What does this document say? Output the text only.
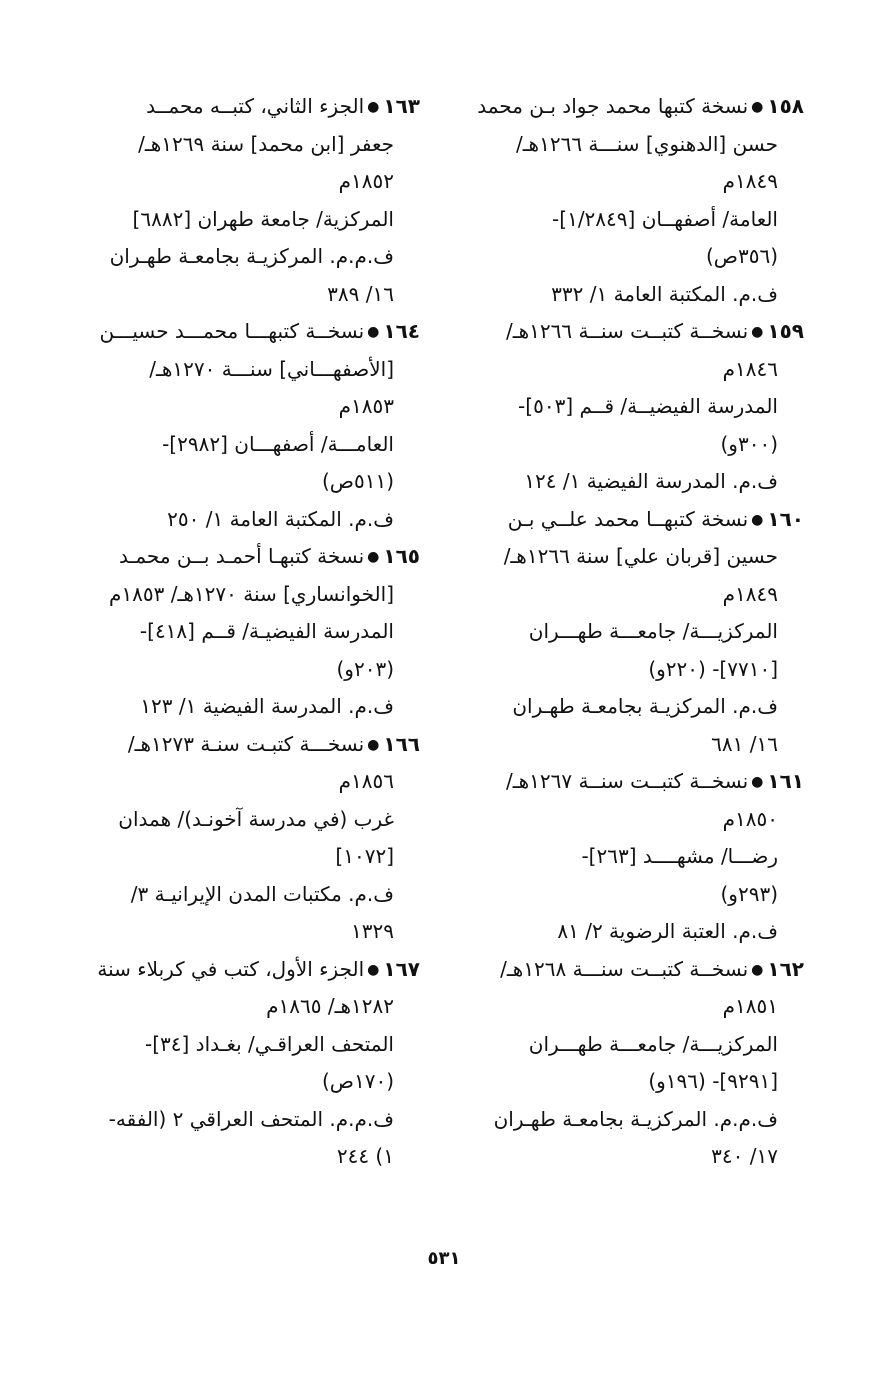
١٥٨●نسخة كتبها محمد جواد بـن محمد
حسن [الدهنوي] سنـــة ١٢٦٦هـ/
١٨٤٩م
العامة/ أصفهــان [١/٢٨٤٩]-
(٣٥٦ص)
ف.م. المكتبة العامة ١/ ٣٣٢
١٥٩●نسخــة كتبــت سنــة ١٢٦٦هـ/
١٨٤٦م
المدرسة الفيضيــة/ قــم [٥٠٣]-
(٣٠٠و)
ف.م. المدرسة الفيضية ١/ ١٢٤
١٦٠●نسخة كتبهــا محمد علــي بـن
حسين [قربان علي] سنة ١٢٦٦هـ/
١٨٤٩م
المركزيـــة/ جامعـــة طهـــران
[٧٧١٠]- (٢٢٠و)
ف.م. المركزيـة بجامعـة طهـران
١٦/ ٦٨١
١٦١●نسخــة كتبــت سنــة ١٢٦٧هـ/
١٨٥٠م
رضـــا/ مشهــــد [٢٦٣]-
(٢٩٣و)
ف.م. العتبة الرضوية ٢/ ٨١
١٦٢●نسخــة كتبــت سنـــة ١٢٦٨هـ/
١٨٥١م
المركزيـــة/ جامعـــة طهـــران
[٩٢٩١]- (١٩٦و)
ف.م.م. المركزيـة بجامعـة طهـران
١٧/ ٣٤٠
١٦٣●الجزء الثاني، كتبــه محمــد
جعفر [ابن محمد] سنة ١٢٦٩هـ/
١٨٥٢م
المركزية/ جامعة طهران [٦٨٨٢]
ف.م.م. المركزيـة بجامعـة طهـران
١٦/ ٣٨٩
١٦٤●نسخــة كتبهـــا محمـــد حسيـــن
[الأصفهـــاني] سنـــة ١٢٧٠هـ/
١٨٥٣م
العامـــة/ أصفهـــان [٢٩٨٢]-
(٥١١ص)
ف.م. المكتبة العامة ١/ ٢٥٠
١٦٥●نسخة كتبهـا أحمـد بــن محمـد
[الخوانساري] سنة ١٢٧٠هـ/ ١٨٥٣م
المدرسة الفيضيـة/ قــم [٤١٨]-
(٢٠٣و)
ف.م. المدرسة الفيضية ١/ ١٢٣
١٦٦●نسخـــة كتبـت سنـة ١٢٧٣هـ/
١٨٥٦م
غرب (في مدرسة آخونـد)/ همدان
[١٠٧٢]
ف.م. مكتبات المدن الإيرانيـة ٣/
١٣٢٩
١٦٧●الجزء الأول، كتب في كربلاء سنة
١٢٨٢هـ/ ١٨٦٥م
المتحف العراقـي/ بغـداد [٣٤]-
(١٧٠ص)
ف.م.م. المتحف العراقي ٢ (الفقه-
١) ٢٤٤
٥٣١
